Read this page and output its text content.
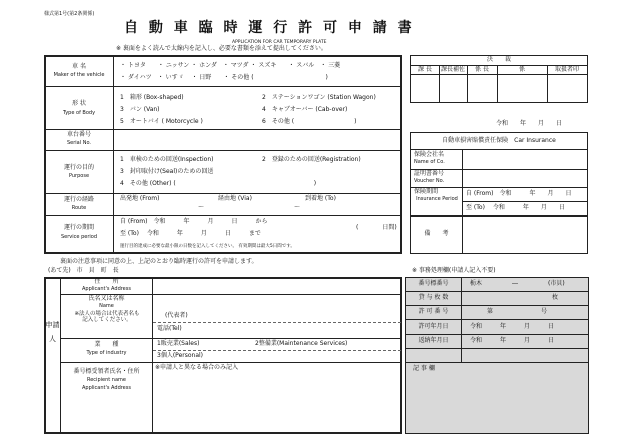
様式第1号(第2条関係)
自 動 車 臨 時 運 行 許 可 申 請 書
APPLICATION FOR CAR TEMPORARY PLATE
※ 裏面をよく読んで太線内を記入し、必要な書類を添えて提出してください。
車 名
Maker of the vehicle
・ トヨタ　　・ ニッサン ・ ホンダ　・ マツダ ・ スズキ　　・ スバル　・ 三菱
・ ダイハツ　・ いすゞ　 ・ 日野　　・ その他 (　　　　　　　　　　　　)
形 状
Type of Body
1　箱形 (Box-shaped)	2　ステーションワゴン (Station Wagon)
3　バン (Van)	4　キャブオーバー (Cab-over)
5　オートバイ ( Motorcycle )	6　その他 (　　　　　　　　　　)
車台番号
Serial No.
運行の目的
Purpose
1　車検のための回送(Inspection)	2　登録のための回送(Registration)
3　封印取付け(Seal)のための回送
4　その他 (Other) (　　　　　　　　　　　　　　　　　　　　　　　)
運行の経路
Route
出発地 (From)	経由地 (Via)	到着地 (To)
～	～
運行の期間
Service period
自 (From)　令和　　　年　　　月　　　日　　　から
至 (To)　 令和　　　年　　　月　　　日　　　まで
(　　　　日間)
運行目的達成に必要な最小限の日数を記入してください。 有効期間は最大5日間です。
決　　裁
課 長	課長補佐	係 長	係	取扱者印
令和　　年　　月　　日
自動車損害賠償責任保険　Car Insurance
保険会社名
Name of Co.
証明書番号
Voucher No.
保険期間
Insurance Period
自 (From)　令和　　　年　　月　　日
至 (To)　 令和　　　年　　月　　日
備　　考
裏面の注意事項に同意の上、上記のとおり臨時運行の許可を申請します。
(あて先)　市　貝　町　長
申請人
住　　所
Applicant's Address
氏名又は名称
Name
※法人の場合は代表者名も記入してください。
(代表者)
電話(Tel)
業　　種
Type of industry
1販売業(Sales)	2整備業(Maintenance Services)
3個人(Personal)
番号標受領者氏名・住所
Recipient name
Applicant's Address
※申請人と異なる場合のみ記入
※ 事務処理欄(申請人記入不要)
番号標番号	栃木　　　　　―　　　　　(市貝)
貸 与 枚 数	枚
許 可 番 号	第　　　　　　　　号
許可年月日	令和　　　年　　　月　　　日
返納年月日	令和　　　年　　　月　　　日
記 事 欄
